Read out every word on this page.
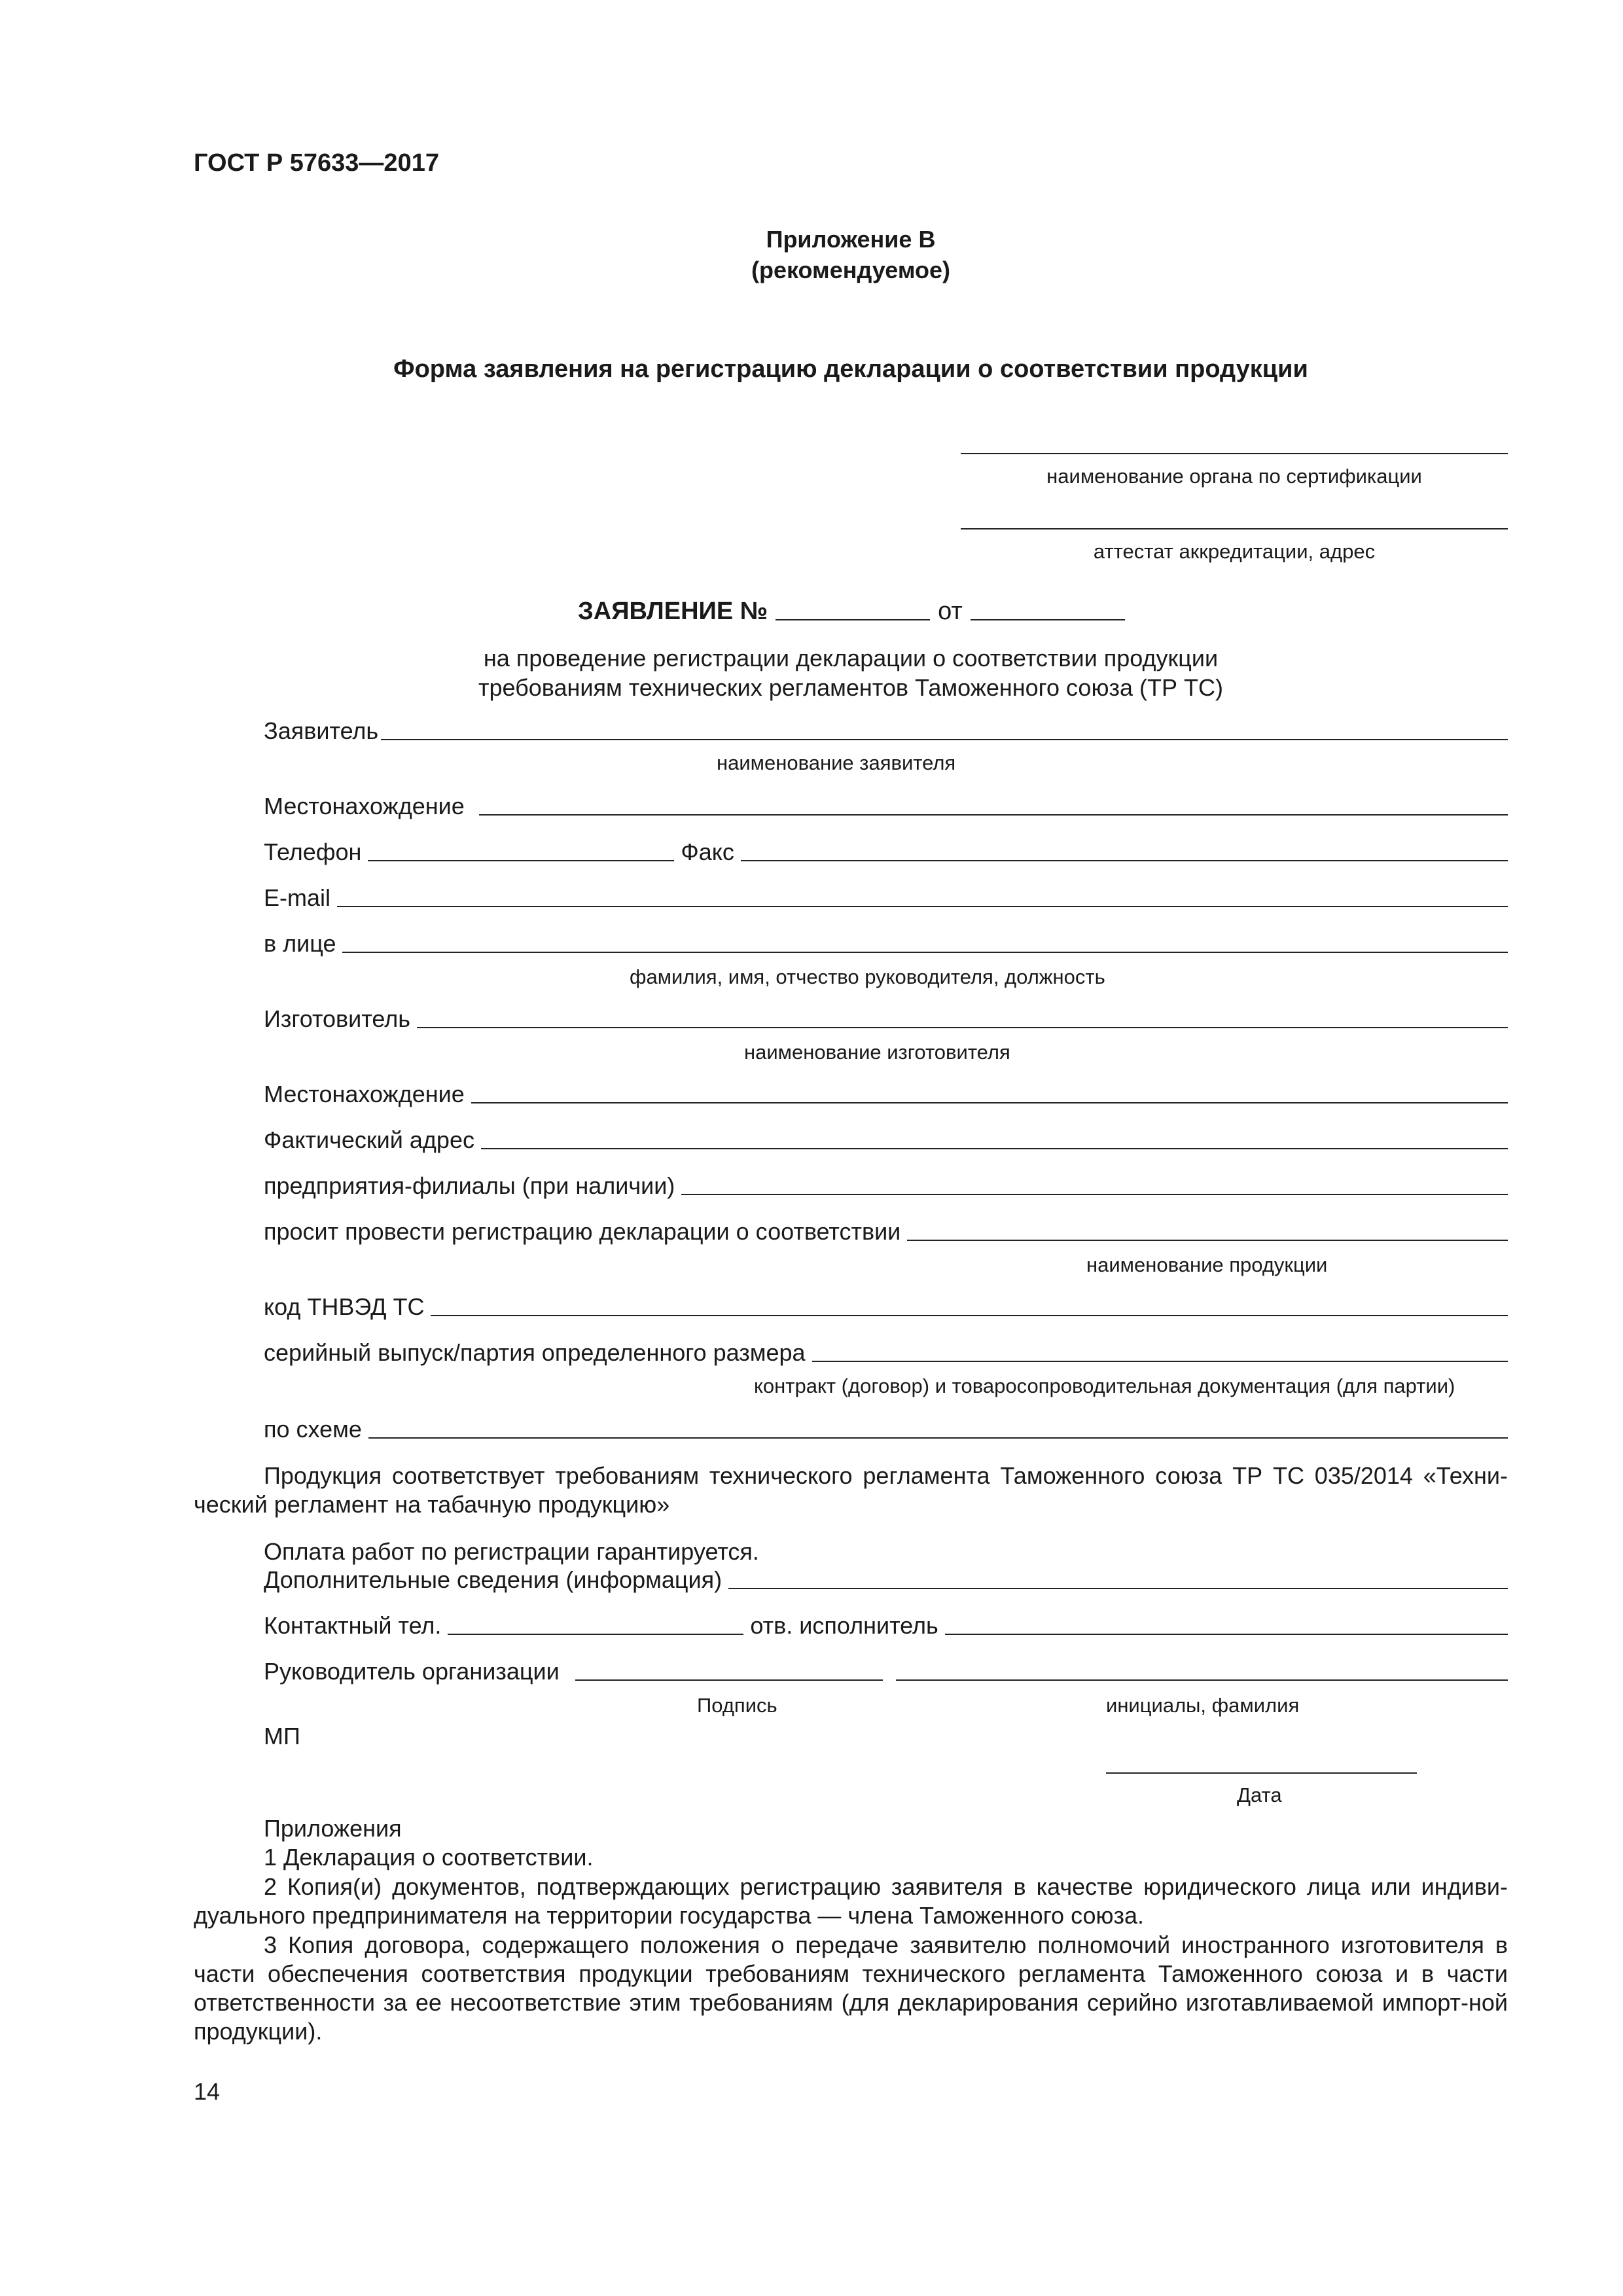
ГОСТ Р 57633—2017
Приложение В
(рекомендуемое)
Форма заявления на регистрацию декларации о соответствии продукции
наименование органа по сертификации
аттестат аккредитации, адрес
ЗАЯВЛЕНИЕ №	от
на проведение регистрации декларации о соответствии продукции
требованиям технических регламентов Таможенного союза (ТР ТС)
Заявитель
наименование заявителя
Местонахождение
Телефон	Факс
E-mail
в лице
фамилия, имя, отчество руководителя, должность
Изготовитель
наименование изготовителя
Местонахождение
Фактический адрес
предприятия-филиалы (при наличии)
просит провести регистрацию декларации о соответствии
наименование продукции
код ТНВЭД ТС
серийный выпуск/партия определенного размера
контракт (договор) и товаросопроводительная документация (для партии)
по схеме
Продукция соответствует требованиям технического регламента Таможенного союза ТР ТС 035/2014 «Техни-ческий регламент на табачную продукцию»
Оплата работ по регистрации гарантируется.
Дополнительные сведения (информация)
Контактный тел.	отв. исполнитель
Руководитель организации
Подпись	инициалы, фамилия
МП
Дата
Приложения
1 Декларация о соответствии.
2 Копия(и) документов, подтверждающих регистрацию заявителя в качестве юридического лица или индиви-дуального предпринимателя на территории государства — члена Таможенного союза.
3 Копия договора, содержащего положения о передаче заявителю полномочий иностранного изготовителя в части обеспечения соответствия продукции требованиям технического регламента Таможенного союза и в части ответственности за ее несоответствие этим требованиям (для декларирования серийно изготавливаемой импорт-ной продукции).
14
